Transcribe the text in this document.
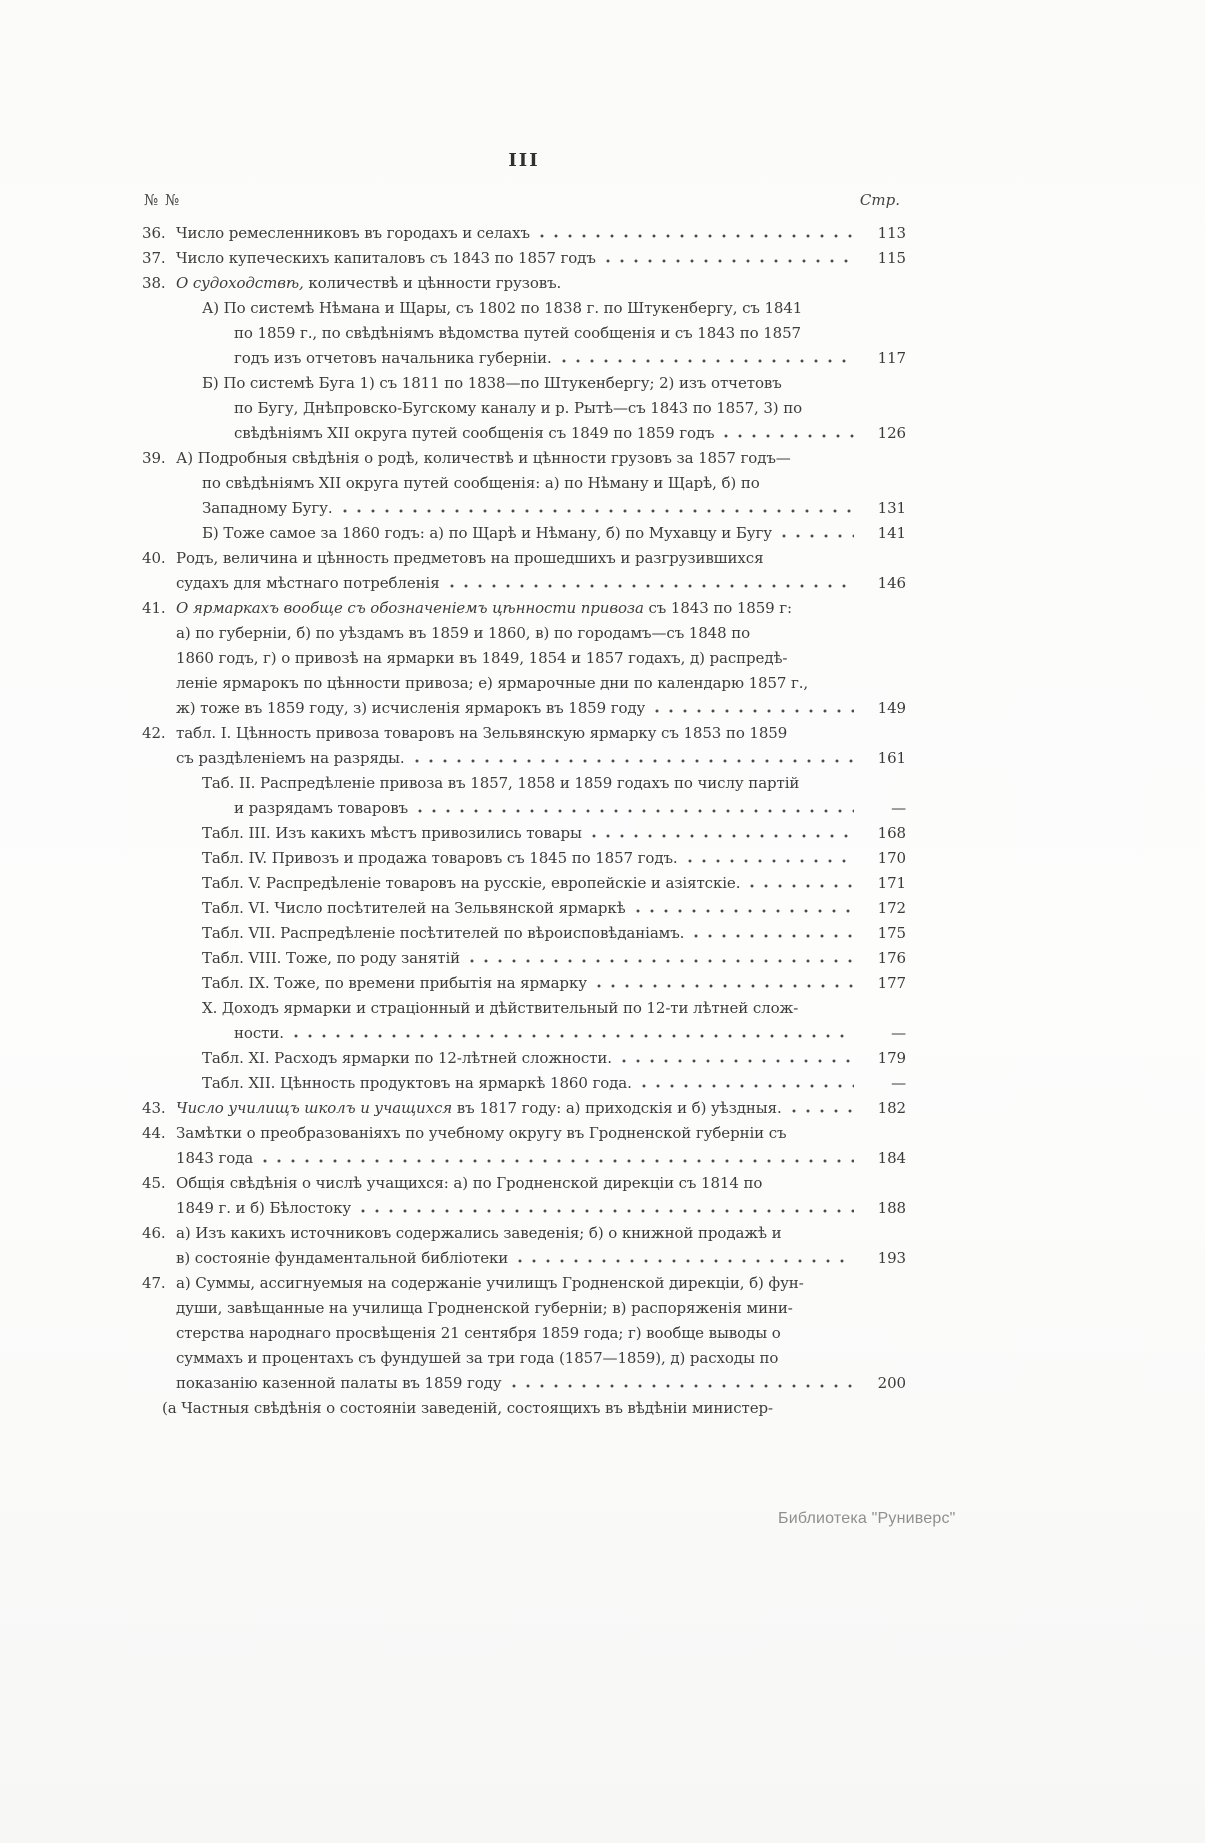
III
№ №	Стр.
36. Число ремесленниковъ въ городахъ и селахъ	113
37. Число купеческихъ капиталовъ съ 1843 по 1857 годъ	115
38. О судоходствѣ, количествѣ и цѣнности грузовъ.
А) По системѣ Нѣмана и Щары, съ 1802 по 1838 г. по Штукенбергу, съ 1841
по 1859 г., по свѣдѣніямъ вѣдомства путей сообщенія и съ 1843 по 1857
годъ изъ отчетовъ начальника губерніи.	117
Б) По системѣ Буга 1) съ 1811 по 1838—по Штукенбергу; 2) изъ отчетовъ
по Бугу, Днѣпровско-Бугскому каналу и р. Рытѣ—съ 1843 по 1857, 3) по
свѣдѣніямъ XII округа путей сообщенія съ 1849 по 1859 годъ	126
39. А) Подробныя свѣдѣнія о родѣ, количествѣ и цѣнности грузовъ за 1857 годъ—
по свѣдѣніямъ XII округа путей сообщенія: а) по Нѣману и Щарѣ, б) по
Западному Бугу.	131
Б) Тоже самое за 1860 годъ: а) по Щарѣ и Нѣману, б) по Мухавцу и Бугу	141
40. Родъ, величина и цѣнность предметовъ на прошедшихъ и разгрузившихся
судахъ для мѣстнаго потребленія	146
41. О ярмаркахъ вообще съ обозначеніемъ цѣнности привоза съ 1843 по 1859 г:
а) по губерніи, б) по уѣздамъ въ 1859 и 1860, в) по городамъ—съ 1848 по
1860 годъ, г) о привозѣ на ярмарки въ 1849, 1854 и 1857 годахъ, д) распредѣ-
леніе ярмарокъ по цѣнности привоза; е) ярмарочные дни по календарю 1857 г.,
ж) тоже въ 1859 году, з) исчисленія ярмарокъ въ 1859 году	149
42. табл. I. Цѣнность привоза товаровъ на Зельвянскую ярмарку съ 1853 по 1859
съ раздѣленіемъ на разряды.	161
Таб. II. Распредѣленіе привоза въ 1857, 1858 и 1859 годахъ по числу партій
и разрядамъ товаровъ	—
Табл. III. Изъ какихъ мѣстъ привозились товары	168
Табл. IV. Привозъ и продажа товаровъ съ 1845 по 1857 годъ.	170
Табл. V. Распредѣленіе товаровъ на русскіе, европейскіе и азіятскіе.	171
Табл. VI. Число посѣтителей на Зельвянской ярмаркѣ	172
Табл. VII. Распредѣленіе посѣтителей по вѣроисповѣданіамъ.	175
Табл. VIII. Тоже, по роду занятій	176
Табл. IX. Тоже, по времени прибытія на ярмарку	177
X. Доходъ ярмарки и страціонный и дѣйствительный по 12-ти лѣтней слож-
ности.	—
Табл. XI. Расходъ ярмарки по 12-лѣтней сложности.	179
Табл. XII. Цѣнность продуктовъ на ярмаркѣ 1860 года.	—
43. Число училищъ школъ и учащихся въ 1817 году: а) приходскія и б) уѣздныя.	182
44. Замѣтки о преобразованіяхъ по учебному округу въ Гродненской губерніи съ
1843 года	184
45. Общія свѣдѣнія о числѣ учащихся: а) по Гродненской дирекціи съ 1814 по
1849 г. и б) Бѣлостоку	188
46. а) Изъ какихъ источниковъ содержались заведенія; б) о книжной продажѣ и
в) состояніе фундаментальной библіотеки	193
47. а) Суммы, ассигнуемыя на содержаніе училищъ Гродненской дирекціи, б) фун-
души, завѣщанные на училища Гродненской губерніи; в) распоряженія мини-
стерства народнаго просвѣщенія 21 сентября 1859 года; г) вообще выводы о
суммахъ и процентахъ съ фундушей за три года (1857—1859), д) расходы по
показанію казенной палаты въ 1859 году	200
(а Частныя свѣдѣнія о состояніи заведеній, состоящихъ въ вѣдѣніи министер-
Библиотека "Руниверс"
